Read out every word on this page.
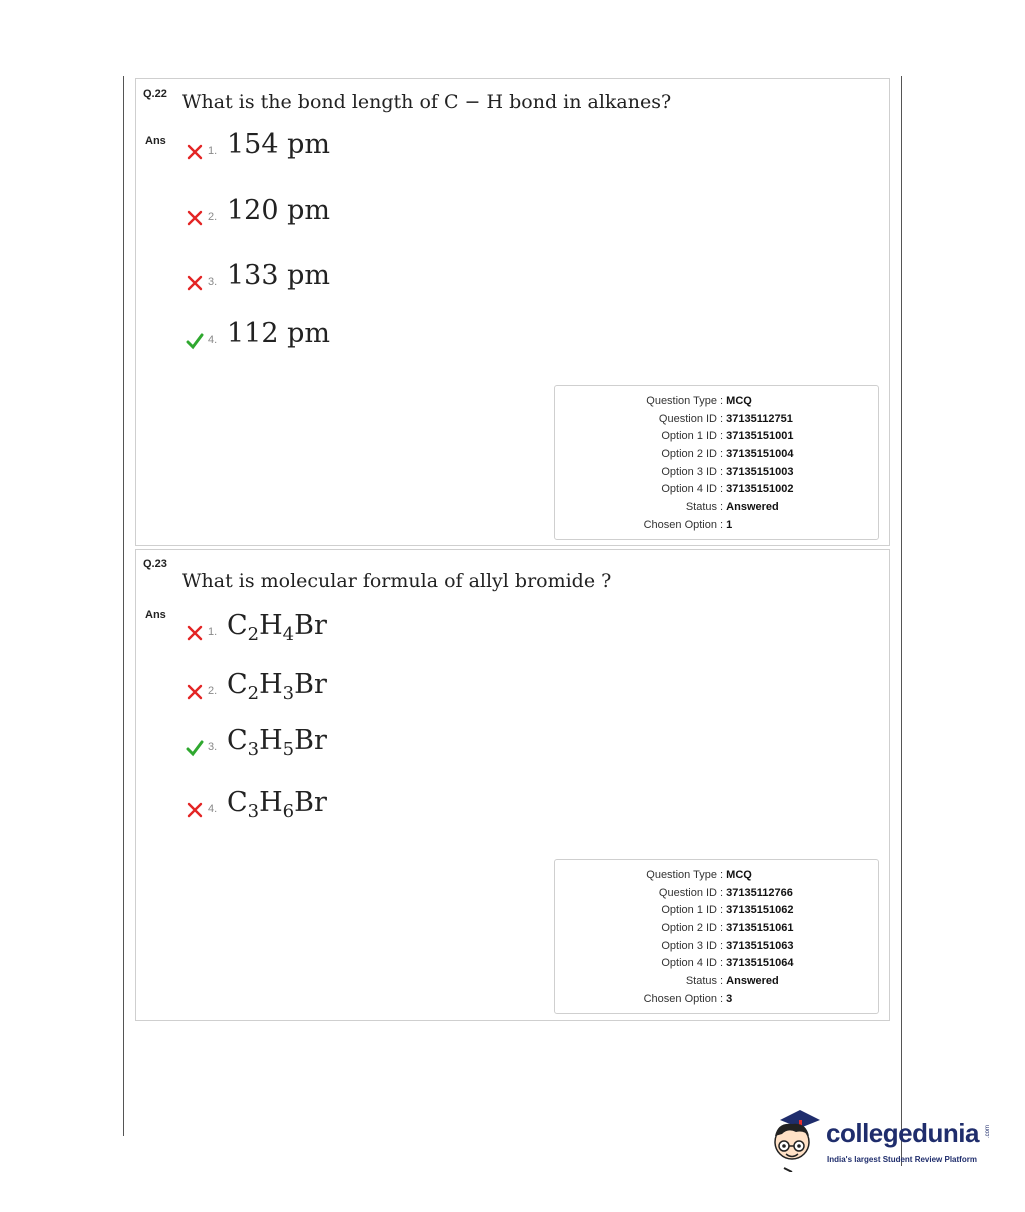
Q.22 What is the bond length of C − H bond in alkanes?
Ans
1. 154 pm
2. 120 pm
3. 133 pm
4. 112 pm
Question Type : MCQ
Question ID : 37135112751
Option 1 ID : 37135151001
Option 2 ID : 37135151004
Option 3 ID : 37135151003
Option 4 ID : 37135151002
Status : Answered
Chosen Option : 1
Q.23
What is molecular formula of allyl bromide ?
Ans
1. $C_2H_4Br$
2. $C_2H_3Br$
3. $C_3H_5Br$
4. $C_3H_6Br$
Question Type : MCQ
Question ID : 37135112766
Option 1 ID : 37135151062
Option 2 ID : 37135151061
Option 3 ID : 37135151063
Option 4 ID : 37135151064
Status : Answered
Chosen Option : 3
collegedunia .com
India's largest Student Review Platform
